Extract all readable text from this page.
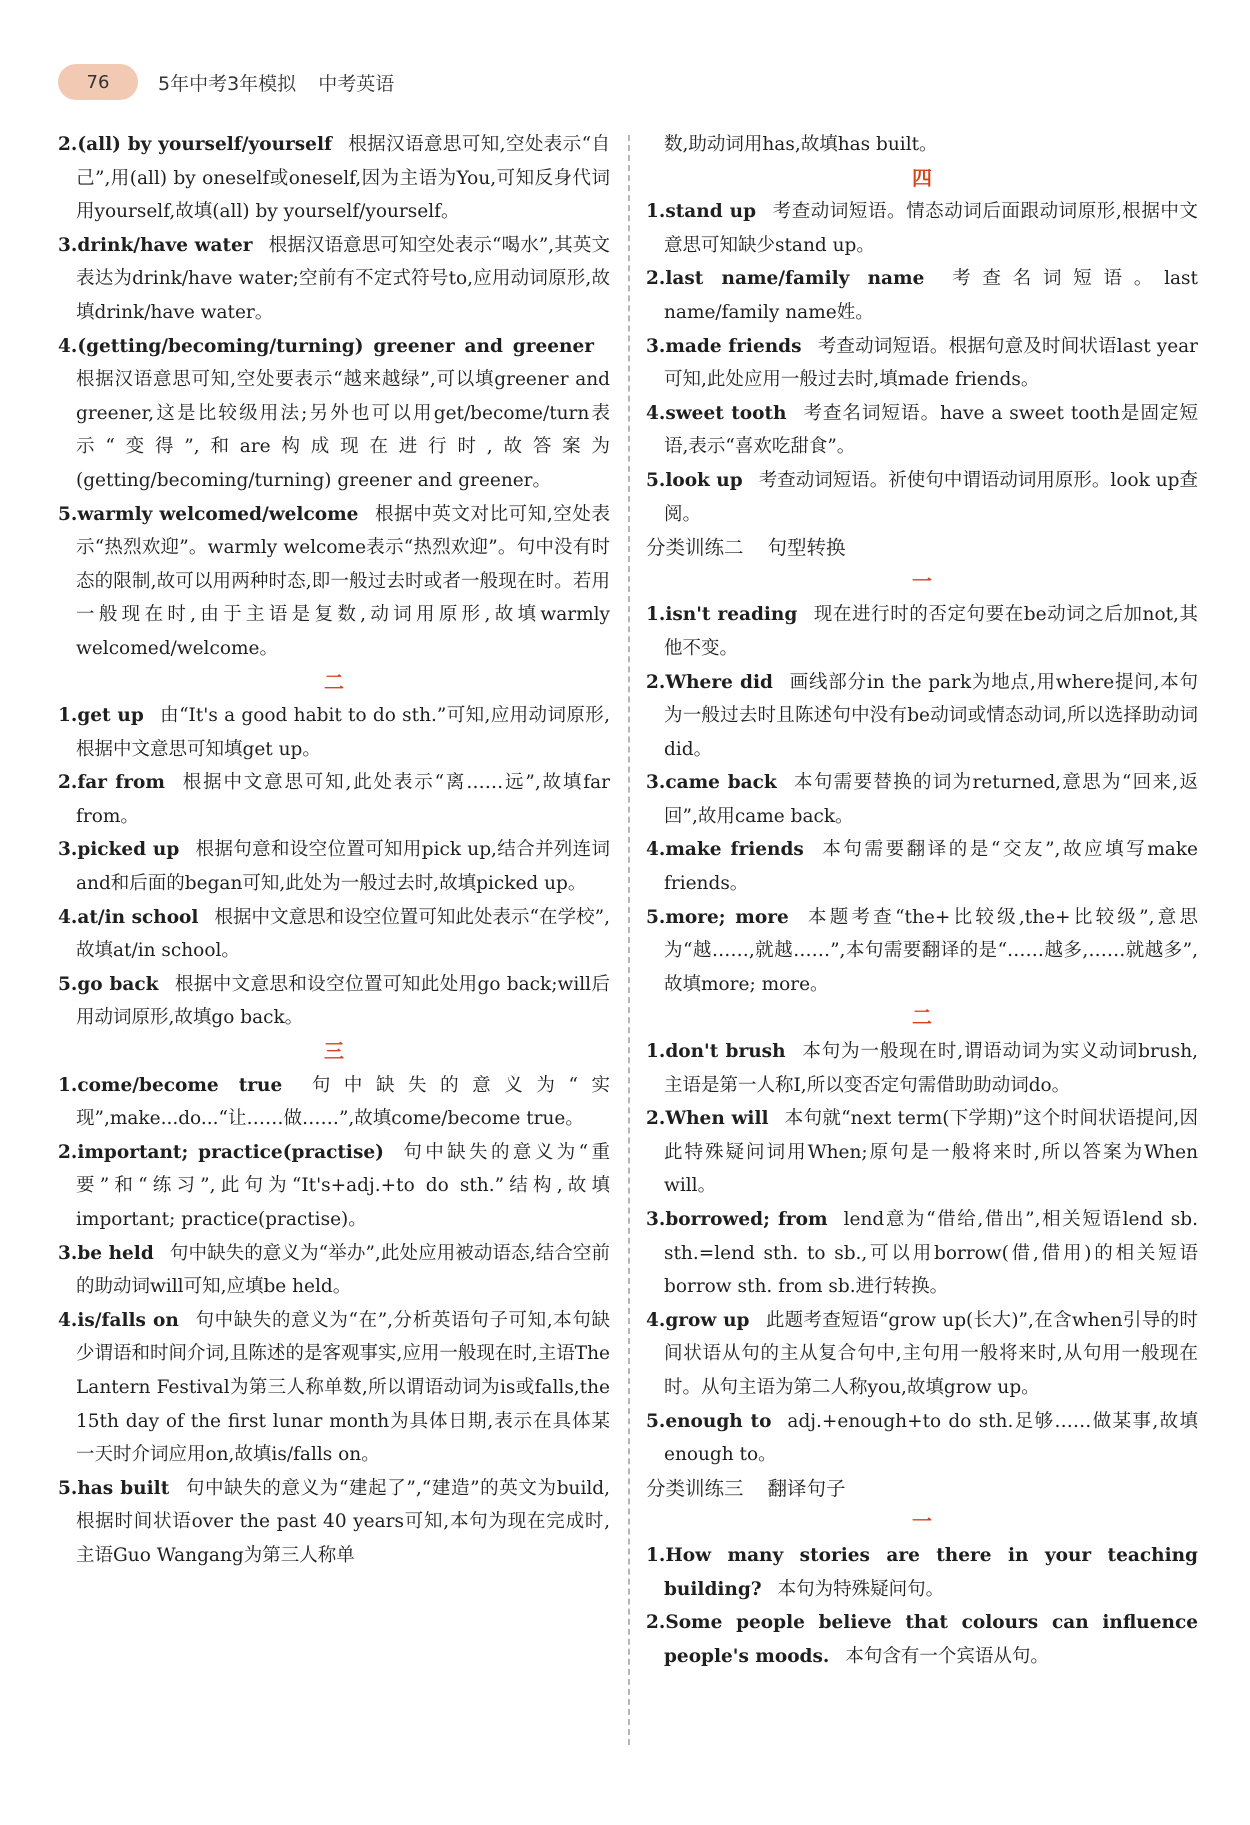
76	5年中考3年模拟 中考英语
2.(all) by yourself/yourself 根据汉语意思可知,空处表示“自己”,用(all) by oneself或oneself,因为主语为You,可知反身代词用yourself,故填(all) by yourself/yourself。
3.drink/have water 根据汉语意思可知空处表示“喝水”,其英文表达为drink/have water;空前有不定式符号to,应用动词原形,故填drink/have water。
4.(getting/becoming/turning) greener and greener根据汉语意思可知,空处要表示“越来越绿”,可以填greener and greener,这是比较级用法;另外也可以用get/become/turn表示“变得”,和are构成现在进行时,故答案为(getting/becoming/turning) greener and greener。
5.warmly welcomed/welcome 根据中英文对比可知,空处表示“热烈欢迎”。warmly welcome表示“热烈欢迎”。句中没有时态的限制,故可以用两种时态,即一般过去时或者一般现在时。若用一般现在时,由于主语是复数,动词用原形,故填warmly welcomed/welcome。
二
1.get up 由“It's a good habit to do sth.”可知,应用动词原形,根据中文意思可知填get up。
2.far from 根据中文意思可知,此处表示“离……远”,故填far from。
3.picked up 根据句意和设空位置可知用pick up,结合并列连词and和后面的began可知,此处为一般过去时,故填picked up。
4.at/in school 根据中文意思和设空位置可知此处表示“在学校”,故填at/in school。
5.go back 根据中文意思和设空位置可知此处用go back;will后用动词原形,故填go back。
三
1.come/become true 句中缺失的意义为“实现”,make...do...“让……做……”,故填come/become true。
2.important; practice(practise) 句中缺失的意义为“重要”和“练习”,此句为“It's+adj.+to do sth.”结构,故填important; practice(practise)。
3.be held 句中缺失的意义为“举办”,此处应用被动语态,结合空前的助动词will可知,应填be held。
4.is/falls on 句中缺失的意义为“在”,分析英语句子可知,本句缺少谓语和时间介词,且陈述的是客观事实,应用一般现在时,主语The Lantern Festival为第三人称单数,所以谓语动词为is或falls,the 15th day of the first lunar month为具体日期,表示在具体某一天时介词应用on,故填is/falls on。
5.has built 句中缺失的意义为“建起了”,“建造”的英文为build,根据时间状语over the past 40 years可知,本句为现在完成时,主语Guo Wangang为第三人称单
数,助动词用has,故填has built。
四
1.stand up 考查动词短语。情态动词后面跟动词原形,根据中文意思可知缺少stand up。
2.last name/family name 考查名词短语。last name/family name姓。
3.made friends 考查动词短语。根据句意及时间状语last year可知,此处应用一般过去时,填made friends。
4.sweet tooth 考查名词短语。have a sweet tooth是固定短语,表示“喜欢吃甜食”。
5.look up 考查动词短语。祈使句中谓语动词用原形。look up查阅。
分类训练二 句型转换
一
1.isn't reading 现在进行时的否定句要在be动词之后加not,其他不变。
2.Where did 画线部分in the park为地点,用where提问,本句为一般过去时且陈述句中没有be动词或情态动词,所以选择助动词did。
3.came back 本句需要替换的词为returned,意思为“回来,返回”,故用came back。
4.make friends 本句需要翻译的是“交友”,故应填写make friends。
5.more; more 本题考查“the+比较级,the+比较级”,意思为“越……,就越……”,本句需要翻译的是“……越多,……就越多”,故填more; more。
二
1.don't brush 本句为一般现在时,谓语动词为实义动词brush,主语是第一人称I,所以变否定句需借助助动词do。
2.When will 本句就“next term(下学期)”这个时间状语提问,因此特殊疑问词用When;原句是一般将来时,所以答案为When will。
3.borrowed; from lend意为“借给,借出”,相关短语lend sb. sth.=lend sth. to sb.,可以用borrow(借,借用)的相关短语borrow sth. from sb.进行转换。
4.grow up 此题考查短语“grow up(长大)”,在含when引导的时间状语从句的主从复合句中,主句用一般将来时,从句用一般现在时。从句主语为第二人称you,故填grow up。
5.enough to adj.+enough+to do sth.足够……做某事,故填enough to。
分类训练三 翻译句子
一
1.How many stories are there in your teaching building? 本句为特殊疑问句。
2.Some people believe that colours can influence people's moods. 本句含有一个宾语从句。
